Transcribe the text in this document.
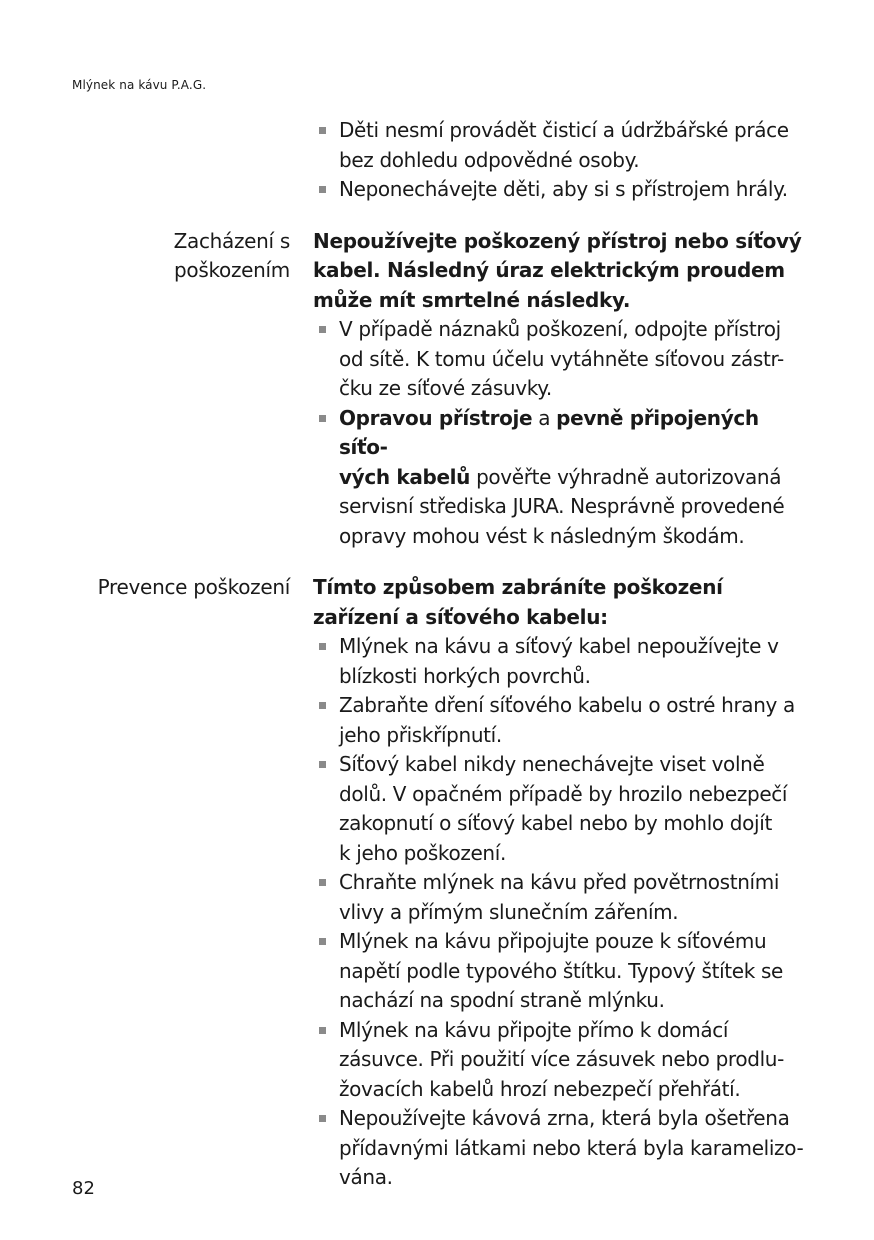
Mlýnek na kávu P.A.G.
Děti nesmí provádět čisticí a údržbářské práce
bez dohledu odpovědné osoby.
Neponechávejte děti, aby si s přístrojem hrály.
Zacházení s
poškozením
Nepoužívejte poškozený přístroj nebo síťový kabel. Následný úraz elektrickým proudem může mít smrtelné následky.
V případě náznaků poškození, odpojte přístroj
od sítě. K tomu účelu vytáhněte síťovou zástr-
čku ze síťové zásuvky.
Opravou přístroje a pevně připojených síťo-
vých kabelů pověřte výhradně autorizovaná
servisní střediska JURA. Nesprávně provedené
opravy mohou vést k následným škodám.
Prevence poškození Tímto způsobem zabráníte poškození zařízení a síťového kabelu:
Mlýnek na kávu a síťový kabel nepoužívejte v
blízkosti horkých povrchů.
Zabraňte dření síťového kabelu o ostré hrany a
jeho přiskřípnutí.
Síťový kabel nikdy nenechávejte viset volně
dolů. V opačném případě by hrozilo nebezpečí
zakopnutí o síťový kabel nebo by mohlo dojít
k jeho poškození.
Chraňte mlýnek na kávu před povětrnostními
vlivy a přímým slunečním zářením.
Mlýnek na kávu připojujte pouze k síťovému
napětí podle typového štítku. Typový štítek se
nachází na spodní straně mlýnku.
Mlýnek na kávu připojte přímo k domácí
zásuvce. Při použití více zásuvek nebo prodlu-
žovacích kabelů hrozí nebezpečí přehřátí.
Nepoužívejte kávová zrna, která byla ošetřena
přídavnými látkami nebo která byla karamelizo-
vána.
82
